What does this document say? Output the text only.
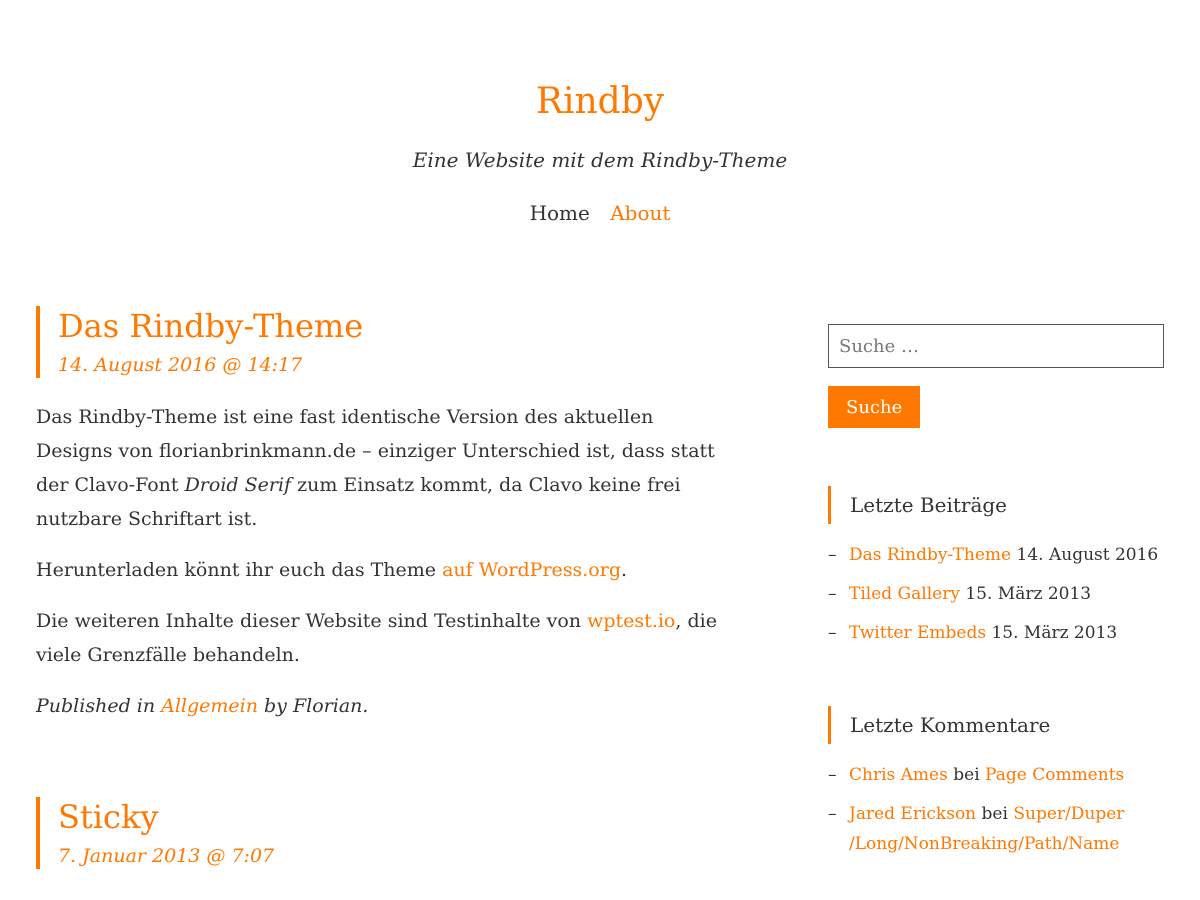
Rindby
Eine Website mit dem Rindby-Theme
Home About
Das Rindby-Theme
14. August 2016 @ 14:17

Das Rindby-Theme ist eine fast identische Version des aktuellen Designs von florianbrinkmann.de – einziger Unterschied ist, dass statt der Clavo-Font Droid Serif zum Einsatz kommt, da Clavo keine frei nutzbare Schriftart ist.

Herunterladen könnt ihr euch das Theme auf WordPress.org.

Die weiteren Inhalte dieser Website sind Testinhalte von wptest.io, die viele Grenzfälle behandeln.

Published in Allgemein by Florian.

Sticky
7. Januar 2013 @ 7:07
Suche …
Suche
Letzte Beiträge
– Das Rindby-Theme 14. August 2016
– Tiled Gallery 15. März 2013
– Twitter Embeds 15. März 2013
Letzte Kommentare
– Chris Ames bei Page Comments
– Jared Erickson bei Super/Duper /Long/NonBreaking/Path/Name
